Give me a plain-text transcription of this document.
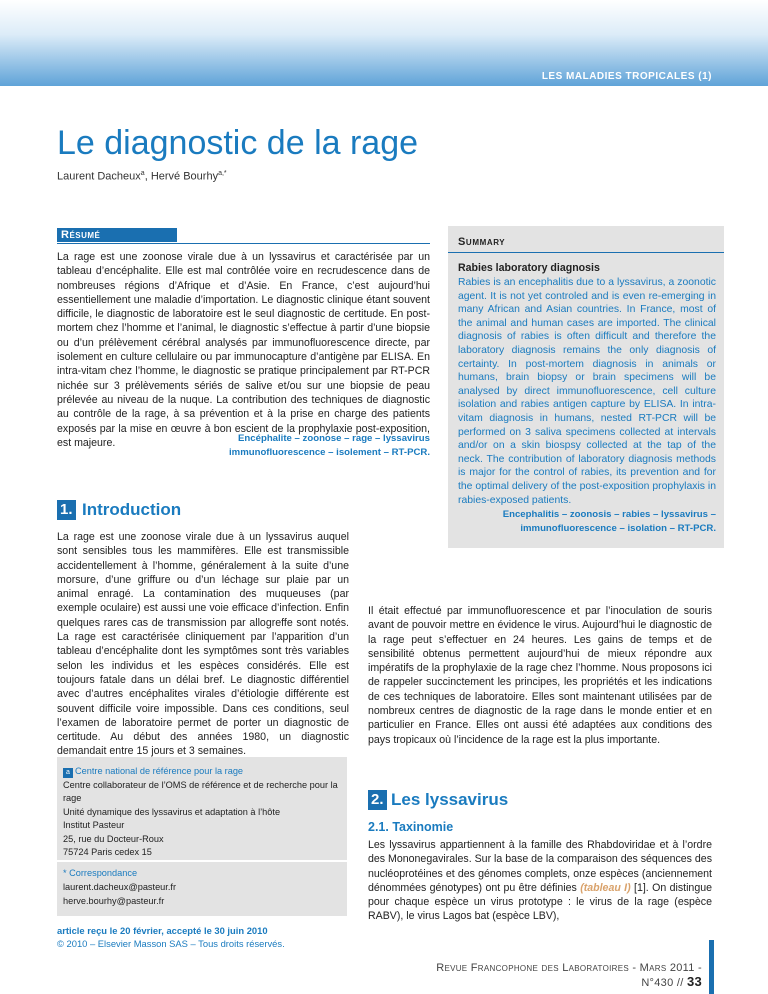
LES MALADIES TROPICALES (1)
Le diagnostic de la rage
Laurent Dacheux$^a$, Hervé Bourhy$^{a,*}$
Résumé

La rage est une zoonose virale due à un lyssavirus et caractérisée par un tableau d’encéphalite. Elle est mal contrôlée voire en recrudescence dans de nombreuses régions d’Afrique et d’Asie. En France, c’est aujourd’hui essentiellement une maladie d’importation. Le diagnostic clinique étant souvent difficile, le diagnostic de laboratoire est le seul diagnostic de certitude. En post-mortem chez l’homme et l’animal, le diagnostic s’effectue à partir d’une biopsie ou d’un prélèvement cérébral analysés par immunofluorescence directe, par isolement en culture cellulaire ou par immunocapture d’antigène par ELISA. En intra-vitam chez l’homme, le diagnostic se pratique principalement par RT-PCR nichée sur 3 prélèvements sériés de salive et/ou sur une biopsie de peau prélevée au niveau de la nuque. La contribution des techniques de diagnostic au contrôle de la rage, à sa prévention et à la prise en charge des patients exposés par la mise en œuvre à bon escient de la prophylaxie post-exposition, est majeure.	Encéphalite – zoonose – rage – lyssavirus
immunofluorescence – isolement – RT-PCR.
Summary
Rabies laboratory diagnosis

Rabies is an encephalitis due to a lyssavirus, a zoonotic agent. It is not yet controled and is even re-emerging in many African and Asian countries. In France, most of the animal and human cases are imported. The clinical diagnosis of rabies is often difficult and therefore the laboratory diagnosis remains the only diagnosis of certainty. In post-mortem diagnosis in animals or humans, brain biopsy or brain specimens will be analysed by direct immunofluorescence, cell culture isolation and rabies antigen capture by ELISA. In intra-vitam diagnosis in humans, nested RT-PCR will be performed on 3 saliva specimens collected at intervals and/or on a skin biospsy collected at the tap of the neck. The contribution of laboratory diagnosis methods is major for the control of rabies, its prevention and for the optimal delivery of the post-exposition prophylaxis in rabies-exposed patients.

Encephalitis – zoonosis – rabies – lyssavirus –
immunofluorescence – isolation – RT-PCR.
1. Introduction

La rage est une zoonose virale due à un lyssavirus auquel sont sensibles tous les mammifères. Elle est transmissible accidentellement à l’homme, généralement à la suite d’une morsure, d’une griffure ou d’un léchage sur plaie par un animal enragé. La contamination des muqueuses (par exemple oculaire) est aussi une voie efficace d’infection. Enfin quelques rares cas de transmission par allogreffe sont notés. La rage est caractérisée cliniquement par l’apparition d’un tableau d’encéphalite dont les symptômes sont très variables selon les individus et les espèces considérés. Elle est toujours fatale dans un délai bref. Le diagnostic différentiel avec d’autres encéphalites virales d’étiologie différente est souvent difficile voire impossible. Dans ces conditions, seul l’examen de laboratoire permet de porter un diagnostic de certitude. Au début des années 1980, un diagnostic demandait entre 15 jours et 3 semaines.

a Centre national de référence pour la rage
Centre collaborateur de l’OMS de référence et de recherche pour la rage
Unité dynamique des lyssavirus et adaptation à l’hôte
Institut Pasteur
25, rue du Docteur-Roux
75724 Paris cedex 15
* Correspondance
laurent.dacheux@pasteur.fr
herve.bourhy@pasteur.fr
article reçu le 20 février, accepté le 30 juin 2010
© 2010 – Elsevier Masson SAS – Tous droits réservés.

Il était effectué par immunofluorescence et par l’inoculation de souris avant de pouvoir mettre en évidence le virus. Aujourd’hui le diagnostic de la rage peut s’effectuer en 24 heures. Les gains de temps et de sensibilité obtenus permettent aujourd’hui de mieux répondre aux impératifs de la prophylaxie de la rage chez l’homme. Nous proposons ici de rappeler succinctement les principes, les propriétés et les indications de ces techniques de laboratoire. Elles sont maintenant utilisées par de nombreux centres de diagnostic de la rage dans le monde entier et en particulier en France. Elles ont aussi été adaptées aux conditions des pays tropicaux où l’incidence de la rage est la plus importante.

2. Les lyssavirus
2.1. Taxinomie

Les lyssavirus appartiennent à la famille des Rhabdoviridae et à l’ordre des Mononegavirales. Sur la base de la comparaison des séquences des nucléoprotéines et des génomes complets, onze espèces (anciennement dénommées génotypes) ont pu être définies (tableau I) [1]. On distingue pour chaque espèce un virus prototype : le virus de la rage (espèce RABV), le virus Lagos bat (espèce LBV),

Revue Francophone des Laboratoires - Mars 2011 - N°430 // 33
